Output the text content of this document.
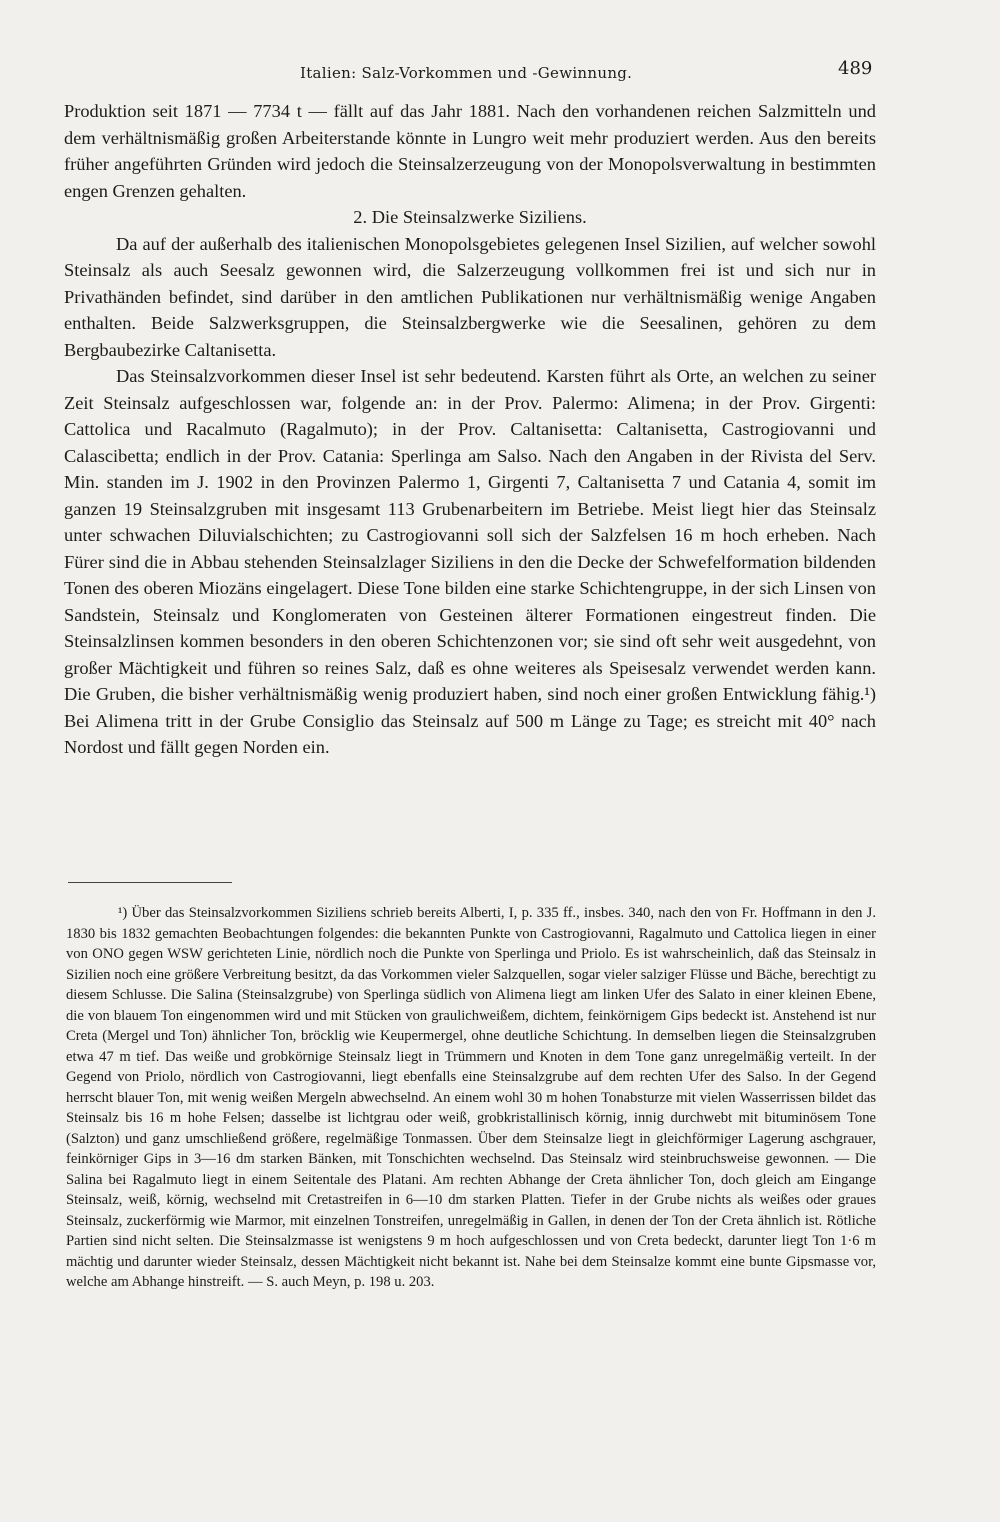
Italien: Salz-Vorkommen und -Gewinnung.	489

Produktion seit 1871 — 7734 t — fällt auf das Jahr 1881. Nach den vorhandenen reichen Salzmitteln und dem verhältnismäßig großen Arbeiterstande könnte in Lungro weit mehr produziert werden. Aus den bereits früher angeführten Gründen wird jedoch die Steinsalzerzeugung von der Monopolsverwaltung in bestimmten engen Grenzen gehalten.

2. Die Steinsalzwerke Siziliens.

Da auf der außerhalb des italienischen Monopolsgebietes gelegenen Insel Sizilien, auf welcher sowohl Steinsalz als auch Seesalz gewonnen wird, die Salzerzeugung vollkommen frei ist und sich nur in Privathänden befindet, sind darüber in den amtlichen Publikationen nur verhältnismäßig wenige Angaben enthalten. Beide Salzwerksgruppen, die Steinsalzbergwerke wie die Seesalinen, gehören zu dem Bergbaubezirke Caltanisetta.

Das Steinsalzvorkommen dieser Insel ist sehr bedeutend. Karsten führt als Orte, an welchen zu seiner Zeit Steinsalz aufgeschlossen war, folgende an: in der Prov. Palermo: Alimena; in der Prov. Girgenti: Cattolica und Racalmuto (Ragalmuto); in der Prov. Caltanisetta: Caltanisetta, Castrogiovanni und Calascibetta; endlich in der Prov. Catania: Sperlinga am Salso. Nach den Angaben in der Rivista del Serv. Min. standen im J. 1902 in den Provinzen Palermo 1, Girgenti 7, Caltanisetta 7 und Catania 4, somit im ganzen 19 Steinsalzgruben mit insgesamt 113 Grubenarbeitern im Betriebe. Meist liegt hier das Steinsalz unter schwachen Diluvialschichten; zu Castrogiovanni soll sich der Salzfelsen 16 m hoch erheben. Nach Fürer sind die in Abbau stehenden Steinsalzlager Siziliens in den die Decke der Schwefelformation bildenden Tonen des oberen Miozäns eingelagert. Diese Tone bilden eine starke Schichtengruppe, in der sich Linsen von Sandstein, Steinsalz und Konglomeraten von Gesteinen älterer Formationen eingestreut finden. Die Steinsalzlinsen kommen besonders in den oberen Schichtenzonen vor; sie sind oft sehr weit ausgedehnt, von großer Mächtigkeit und führen so reines Salz, daß es ohne weiteres als Speisesalz verwendet werden kann. Die Gruben, die bisher verhältnismäßig wenig produziert haben, sind noch einer großen Entwicklung fähig.¹) Bei Alimena tritt in der Grube Consiglio das Steinsalz auf 500 m Länge zu Tage; es streicht mit 40° nach Nordost und fällt gegen Norden ein.

¹) Über das Steinsalzvorkommen Siziliens schrieb bereits Alberti, I, p. 335 ff., insbes. 340, nach den von Fr. Hoffmann in den J. 1830 bis 1832 gemachten Beobachtungen folgendes: die bekannten Punkte von Castrogiovanni, Ragalmuto und Cattolica liegen in einer von ONO gegen WSW gerichteten Linie, nördlich noch die Punkte von Sperlinga und Priolo. Es ist wahrscheinlich, daß das Steinsalz in Sizilien noch eine größere Verbreitung besitzt, da das Vorkommen vieler Salzquellen, sogar vieler salziger Flüsse und Bäche, berechtigt zu diesem Schlusse. Die Salina (Steinsalzgrube) von Sperlinga südlich von Alimena liegt am linken Ufer des Salato in einer kleinen Ebene, die von blauem Ton eingenommen wird und mit Stücken von graulichweißem, dichtem, feinkörnigem Gips bedeckt ist. Anstehend ist nur Creta (Mergel und Ton) ähnlicher Ton, bröcklig wie Keupermergel, ohne deutliche Schichtung. In demselben liegen die Steinsalzgruben etwa 47 m tief. Das weiße und grobkörnige Steinsalz liegt in Trümmern und Knoten in dem Tone ganz unregelmäßig verteilt. In der Gegend von Priolo, nördlich von Castrogiovanni, liegt ebenfalls eine Steinsalzgrube auf dem rechten Ufer des Salso. In der Gegend herrscht blauer Ton, mit wenig weißen Mergeln abwechselnd. An einem wohl 30 m hohen Tonabsturze mit vielen Wasserrissen bildet das Steinsalz bis 16 m hohe Felsen; dasselbe ist lichtgrau oder weiß, grobkristallinisch körnig, innig durchwebt mit bituminösem Tone (Salzton) und ganz umschließend größere, regelmäßige Tonmassen. Über dem Steinsalze liegt in gleichförmiger Lagerung aschgrauer, feinkörniger Gips in 3—16 dm starken Bänken, mit Tonschichten wechselnd. Das Steinsalz wird steinbruchsweise gewonnen. — Die Salina bei Ragalmuto liegt in einem Seitentale des Platani. Am rechten Abhange der Creta ähnlicher Ton, doch gleich am Eingange Steinsalz, weiß, körnig, wechselnd mit Cretastreifen in 6—10 dm starken Platten. Tiefer in der Grube nichts als weißes oder graues Steinsalz, zuckerförmig wie Marmor, mit einzelnen Tonstreifen, unregelmäßig in Gallen, in denen der Ton der Creta ähnlich ist. Rötliche Partien sind nicht selten. Die Steinsalzmasse ist wenigstens 9 m hoch aufgeschlossen und von Creta bedeckt, darunter liegt Ton 1·6 m mächtig und darunter wieder Steinsalz, dessen Mächtigkeit nicht bekannt ist. Nahe bei dem Steinsalze kommt eine bunte Gipsmasse vor, welche am Abhange hinstreift. — S. auch Meyn, p. 198 u. 203.
